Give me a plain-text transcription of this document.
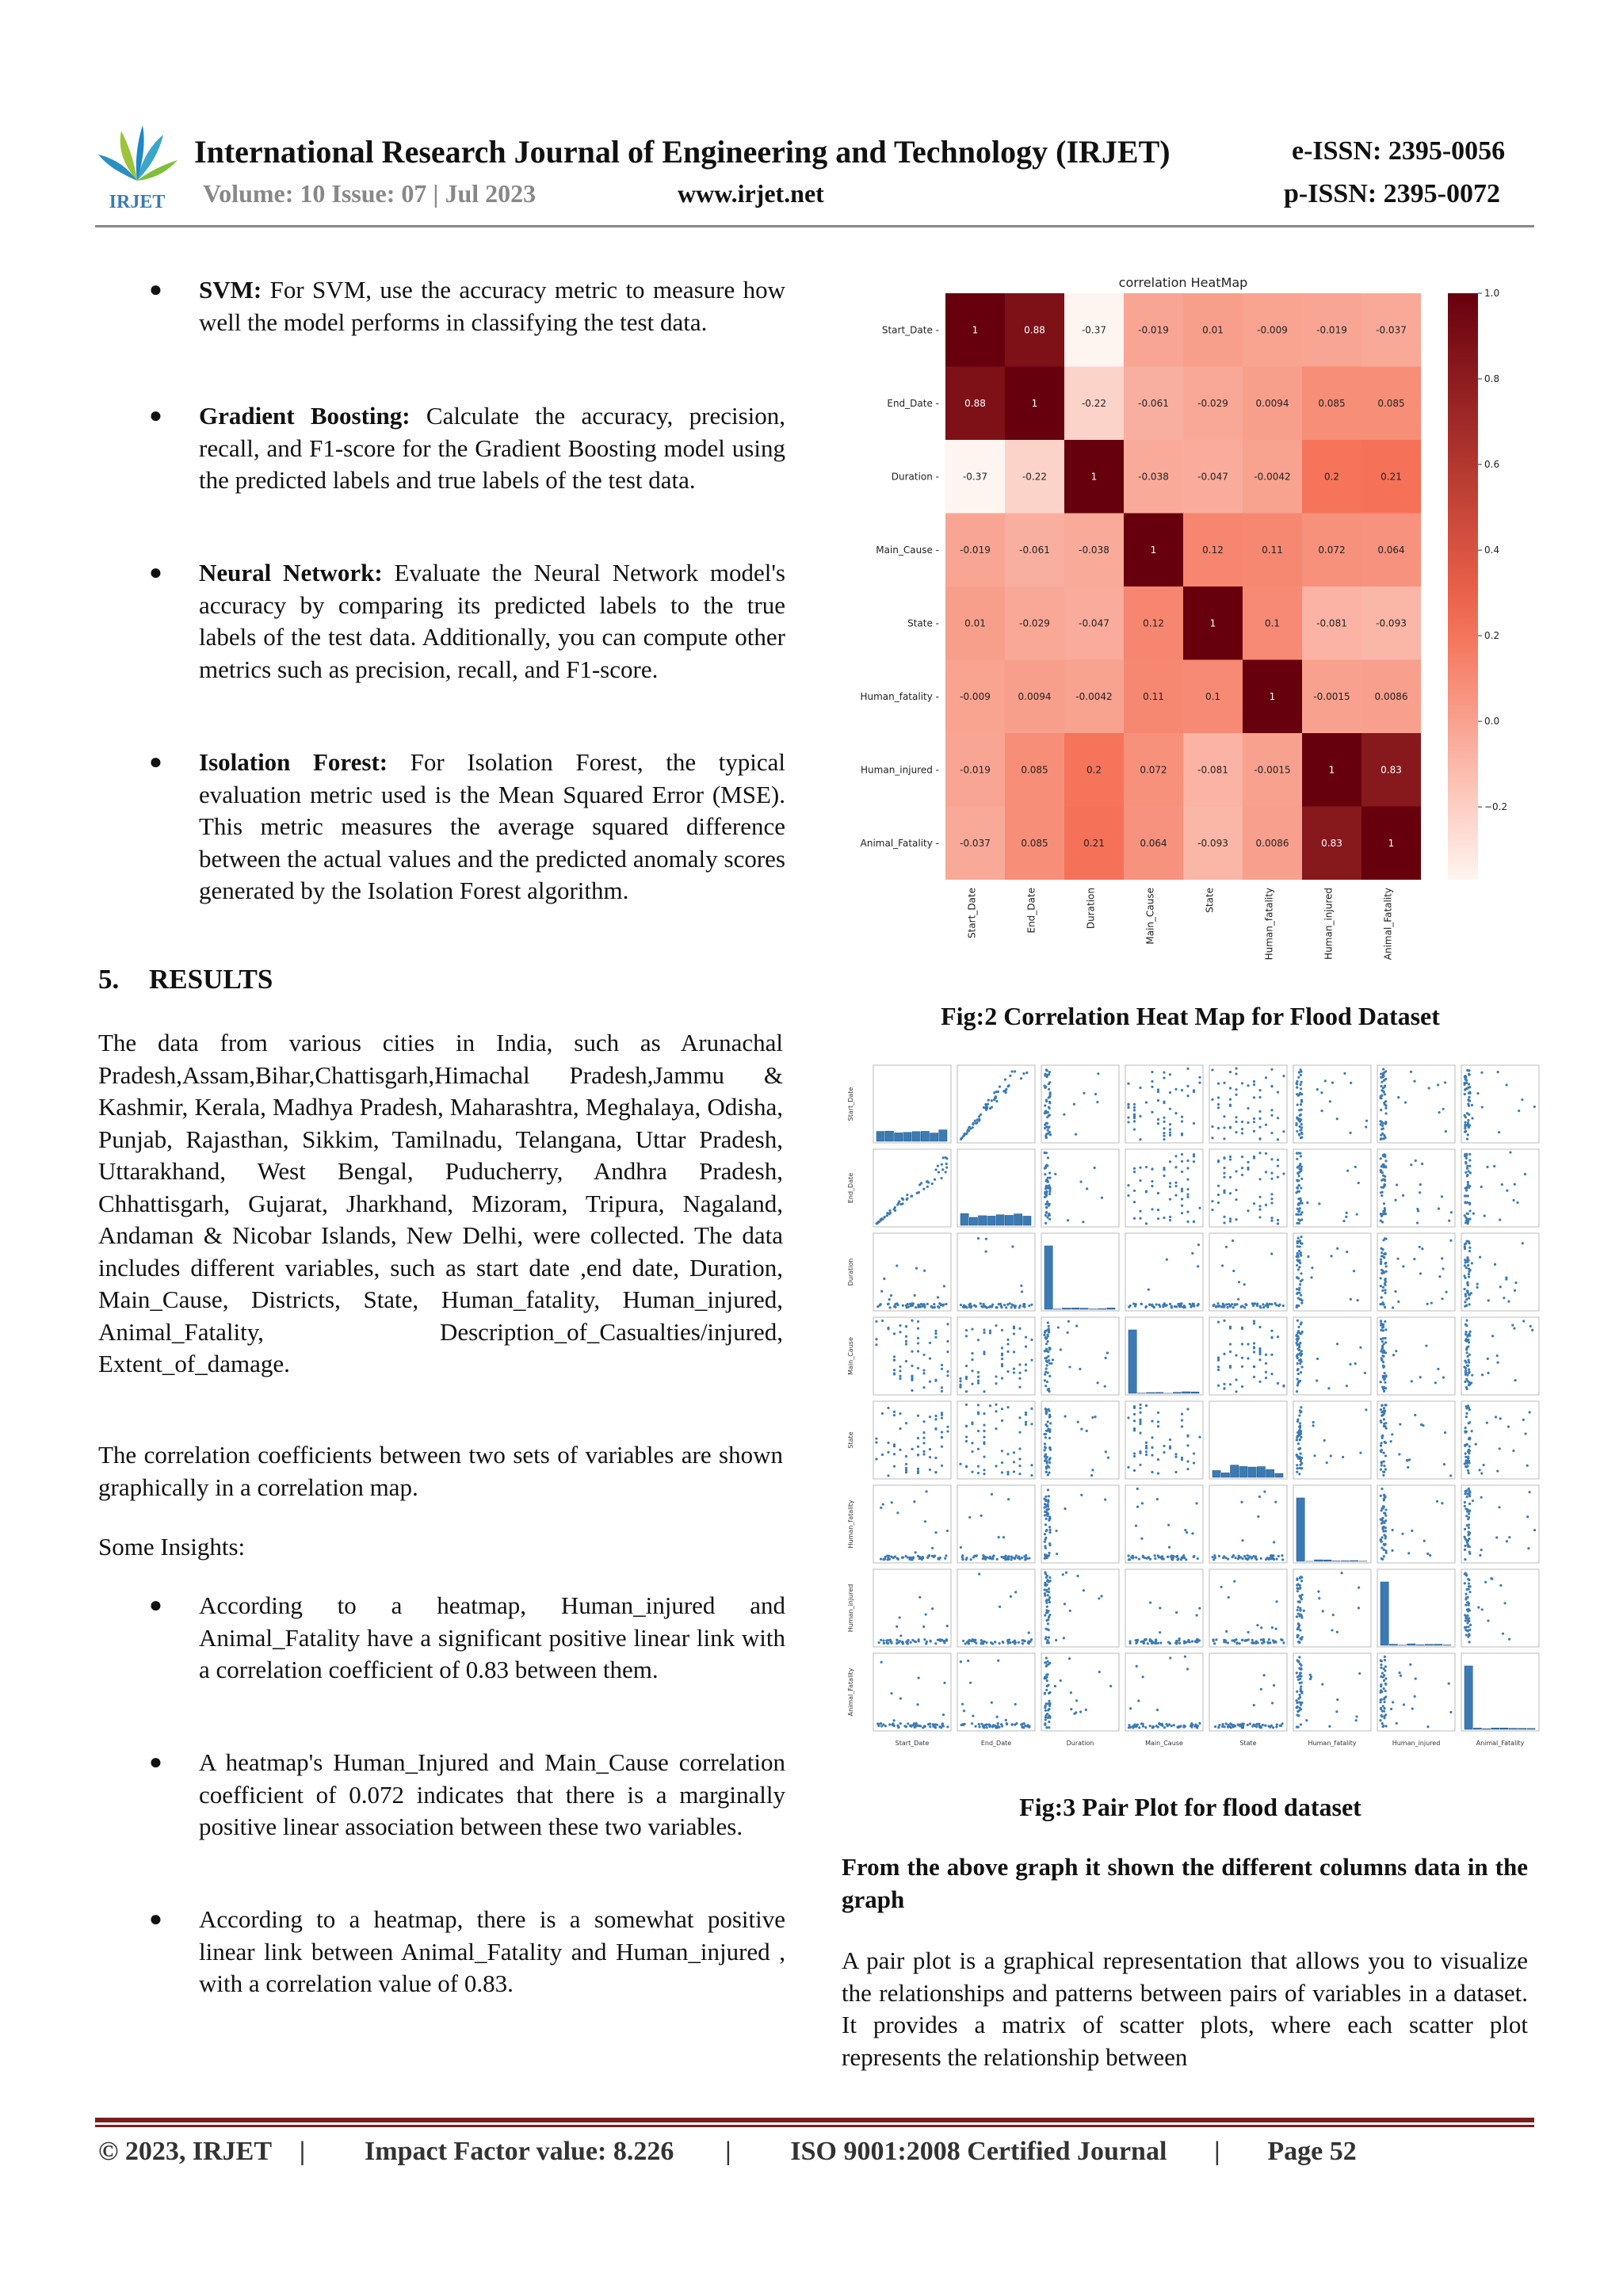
IRJET
International Research Journal of Engineering and Technology (IRJET)	e-ISSN: 2395-0056
Volume: 10 Issue: 07 | Jul 2023	www.irjet.net	p-ISSN: 2395-0072
● SVM: For SVM, use the accuracy metric to measure how well the model performs in classifying the test data.
● Gradient Boosting: Calculate the accuracy, precision, recall, and F1-score for the Gradient Boosting model using the predicted labels and true labels of the test data.
● Neural Network: Evaluate the Neural Network model's accuracy by comparing its predicted labels to the true labels of the test data. Additionally, you can compute other metrics such as precision, recall, and F1-score.
● Isolation Forest: For Isolation Forest, the typical evaluation metric used is the Mean Squared Error (MSE). This metric measures the average squared difference between the actual values and the predicted anomaly scores generated by the Isolation Forest algorithm.
5. RESULTS
The data from various cities in India, such as Arunachal Pradesh,Assam,Bihar,Chattisgarh,Himachal Pradesh,Jammu & Kashmir, Kerala, Madhya Pradesh, Maharashtra, Meghalaya, Odisha, Punjab, Rajasthan, Sikkim, Tamilnadu, Telangana, Uttar Pradesh, Uttarakhand, West Bengal, Puducherry, Andhra Pradesh, Chhattisgarh, Gujarat, Jharkhand, Mizoram, Tripura, Nagaland, Andaman & Nicobar Islands, New Delhi, were collected. The data includes different variables, such as start date ,end date, Duration, Main_Cause, Districts, State, Human_fatality, Human_injured, Animal_Fatality, Description_of_Casualties/injured, Extent_of_damage.
The correlation coefficients between two sets of variables are shown graphically in a correlation map.
Some Insights:
● According to a heatmap, Human_injured and Animal_Fatality have a significant positive linear link with a correlation coefficient of 0.83 between them.
● A heatmap's Human_Injured and Main_Cause correlation coefficient of 0.072 indicates that there is a marginally positive linear association between these two variables.
● According to a heatmap, there is a somewhat positive linear link between Animal_Fatality and Human_injured , with a correlation value of 0.83.
correlation HeatMap
1	0.88	-0.37	-0.019	0.01	-0.009	-0.019	-0.037
Start_Date -
0.88	1	-0.22	-0.061	-0.029	0.0094	0.085	0.085
End_Date -
-0.37	-0.22	1	-0.038	-0.047	-0.0042	0.2	0.21
Duration -
-0.019	-0.061	-0.038	1	0.12	0.11	0.072	0.064
Main_Cause -
0.01	-0.029	-0.047	0.12	1	0.1	-0.081	-0.093
State -
-0.009	0.0094	-0.0042	0.11	0.1	1	-0.0015	0.0086
Human_fatality -
-0.019	0.085	0.2	0.072	-0.081	-0.0015	1	0.83
Human_injured -
-0.037	0.085	0.21	0.064	-0.093	0.0086	0.83	1
Animal_Fatality -
Start_Date	End_Date	Duration	Main_Cause	State	Human_fatality	Human_injured	Animal_Fatality
1.0
0.8
0.6
0.4
0.2
0.0
−0.2
Fig:2 Correlation Heat Map for Flood Dataset
Start_Date
End_Date
Duration
Main_Cause
State
Human_fatality
Human_injured
Animal_Fatality
Start_Date	End_Date	Duration	Main_Cause	State	Human_fatality	Human_injured	Animal_Fatality
Fig:3 Pair Plot for flood dataset
From the above graph it shown the different columns data in the graph
A pair plot is a graphical representation that allows you to visualize the relationships and patterns between pairs of variables in a dataset. It provides a matrix of scatter plots, where each scatter plot represents the relationship between
© 2023, IRJET | Impact Factor value: 8.226 | ISO 9001:2008 Certified Journal | Page 52
